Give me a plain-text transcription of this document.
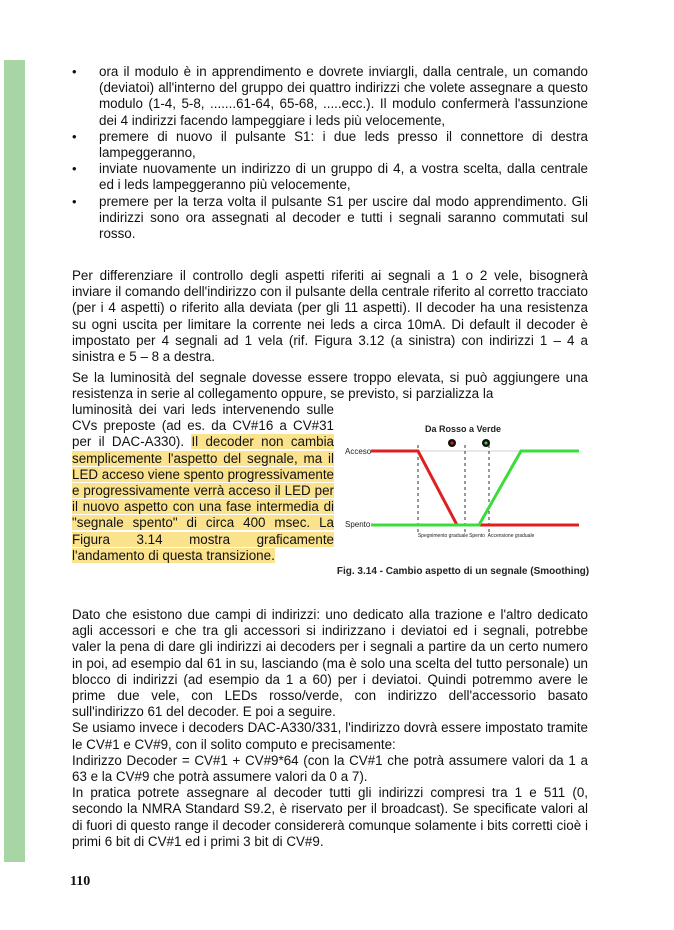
• ora il modulo è in apprendimento e dovrete inviargli, dalla centrale, un comando (deviatoi) all'interno del gruppo dei quattro indirizzi che volete assegnare a questo modulo (1-4, 5-8, .......61-64, 65-68, .....ecc.). Il modulo confermerà l'assunzione dei 4 indirizzi facendo lampeggiare i leds più velocemente,
• premere di nuovo il pulsante S1: i due leds presso il connettore di destra lampeggeranno,
• inviate nuovamente un indirizzo di un gruppo di 4, a vostra scelta, dalla centrale ed i leds lampeggeranno più velocemente,
• premere per la terza volta il pulsante S1 per uscire dal modo apprendimento. Gli indirizzi sono ora assegnati al decoder e tutti i segnali saranno commutati sul rosso.

Per differenziare il controllo degli aspetti riferiti ai segnali a 1 o 2 vele, bisognerà inviare il comando dell'indirizzo con il pulsante della centrale riferito al corretto tracciato (per i 4 aspetti) o riferito alla deviata (per gli 11 aspetti). Il decoder ha una resistenza su ogni uscita per limitare la corrente nei leds a circa 10mA. Di default il decoder è impostato per 4 segnali ad 1 vela (rif. Figura 3.12 (a sinistra) con indirizzi 1 – 4 a sinistra e 5 – 8 a destra.

Se la luminosità del segnale dovesse essere troppo elevata, si può aggiungere una resistenza in serie al collegamento oppure, se previsto, si parzializza la

luminosità dei vari leds intervenendo sulle CVs preposte (ad es. da CV#16 a CV#31 per il DAC-A330). Il decoder non cambia semplicemente l'aspetto del segnale, ma il LED acceso viene spento progressivamente e progressivamente verrà acceso il LED per il nuovo aspetto con una fase intermedia di "segnale spento" di circa 400 msec. La Figura 3.14 mostra graficamente l'andamento di questa transizione.
Da Rosso a Verde
Acceso
Spento
Spegnimento graduale Spento Accensione graduale
Fig. 3.14 - Cambio aspetto di un segnale (Smoothing)

Dato che esistono due campi di indirizzi: uno dedicato alla trazione e l'altro dedicato agli accessori e che tra gli accessori si indirizzano i deviatoi ed i segnali, potrebbe valer la pena di dare gli indirizzi ai decoders per i segnali a partire da un certo numero in poi, ad esempio dal 61 in su, lasciando (ma è solo una scelta del tutto personale) un blocco di indirizzi (ad esempio da 1 a 60) per i deviatoi. Quindi potremmo avere le prime due vele, con LEDs rosso/verde, con indirizzo dell'accessorio basato sull'indirizzo 61 del decoder. E poi a seguire.

Se usiamo invece i decoders DAC-A330/331, l'indirizzo dovrà essere impostato tramite le CV#1 e CV#9, con il solito computo e precisamente:

Indirizzo Decoder = CV#1 + CV#9*64 (con la CV#1 che potrà assumere valori da 1 a 63 e la CV#9 che potrà assumere valori da 0 a 7).

In pratica potrete assegnare al decoder tutti gli indirizzi compresi tra 1 e 511 (0, secondo la NMRA Standard S9.2, è riservato per il broadcast). Se specificate valori al di fuori di questo range il decoder considererà comunque solamente i bits corretti cioè i primi 6 bit di CV#1 ed i primi 3 bit di CV#9.

110
